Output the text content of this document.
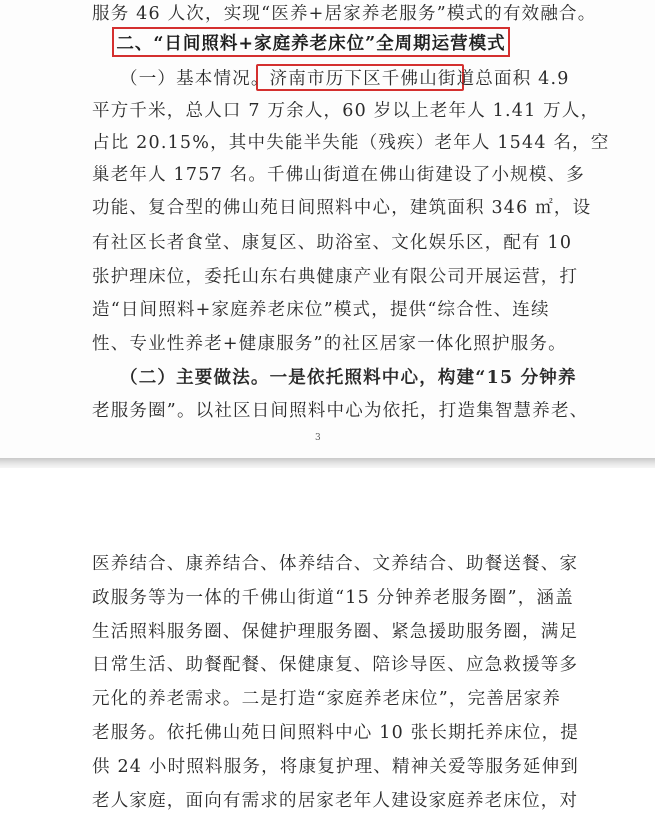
服务 46 人次，实现“医养+居家养老服务”模式的有效融合。
二、“日间照料+家庭养老床位”全周期运营模式
（一）基本情况。济南市历下区千佛山街道总面积 4.9
平方千米，总人口 7 万余人，60 岁以上老年人 1.41 万人，
占比 20.15%，其中失能半失能（残疾）老年人 1544 名，空
巢老年人 1757 名。千佛山街道在佛山街建设了小规模、多
功能、复合型的佛山苑日间照料中心，建筑面积 346 ㎡，设
有社区长者食堂、康复区、助浴室、文化娱乐区，配有 10
张护理床位，委托山东右典健康产业有限公司开展运营，打
造“日间照料+家庭养老床位”模式，提供“综合性、连续
性、专业性养老+健康服务”的社区居家一体化照护服务。
（二）主要做法。一是依托照料中心，构建“15 分钟养
老服务圈”。以社区日间照料中心为依托，打造集智慧养老、
3
医养结合、康养结合、体养结合、文养结合、助餐送餐、家
政服务等为一体的千佛山街道“15 分钟养老服务圈”，涵盖
生活照料服务圈、保健护理服务圈、紧急援助服务圈，满足
日常生活、助餐配餐、保健康复、陪诊导医、应急救援等多
元化的养老需求。二是打造“家庭养老床位”，完善居家养
老服务。依托佛山苑日间照料中心 10 张长期托养床位，提
供 24 小时照料服务，将康复护理、精神关爱等服务延伸到
老人家庭，面向有需求的居家老年人建设家庭养老床位，对
